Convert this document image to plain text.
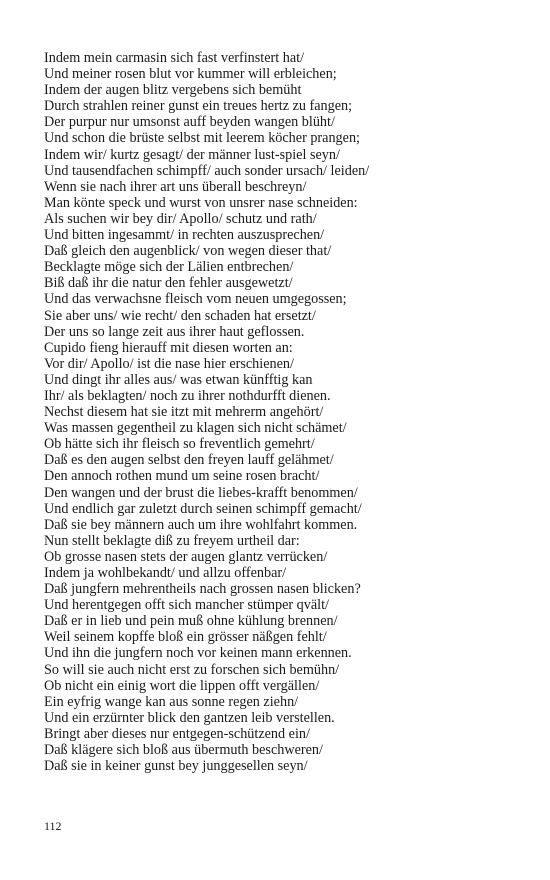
Indem mein carmasin sich fast verfinstert hat/
Und meiner rosen blut vor kummer will erbleichen;
Indem der augen blitz vergebens sich bemüht
Durch strahlen reiner gunst ein treues hertz zu fangen;
Der purpur nur umsonst auff beyden wangen blüht/
Und schon die brüste selbst mit leerem köcher prangen;
Indem wir/ kurtz gesagt/ der männer lust-spiel seyn/
Und tausendfachen schimpff/ auch sonder ursach/ leiden/
Wenn sie nach ihrer art uns überall beschreyn/
Man könte speck und wurst von unsrer nase schneiden:
Als suchen wir bey dir/ Apollo/ schutz und rath/
Und bitten ingesammt/ in rechten auszusprechen/
Daß gleich den augenblick/ von wegen dieser that/
Becklagte möge sich der Lälien entbrechen/
Biß daß ihr die natur den fehler ausgewetzt/
Und das verwachsne fleisch vom neuen umgegossen;
Sie aber uns/ wie recht/ den schaden hat ersetzt/
Der uns so lange zeit aus ihrer haut geflossen.
Cupido fieng hierauff mit diesen worten an:
Vor dir/ Apollo/ ist die nase hier erschienen/
Und dingt ihr alles aus/ was etwan künfftig kan
Ihr/ als beklagten/ noch zu ihrer nothdurfft dienen.
Nechst diesem hat sie itzt mit mehrerm angehört/
Was massen gegentheil zu klagen sich nicht schämet/
Ob hätte sich ihr fleisch so freventlich gemehrt/
Daß es den augen selbst den freyen lauff gelähmet/
Den annoch rothen mund um seine rosen bracht/
Den wangen und der brust die liebes-krafft benommen/
Und endlich gar zuletzt durch seinen schimpff gemacht/
Daß sie bey männern auch um ihre wohlfahrt kommen.
Nun stellt beklagte diß zu freyem urtheil dar:
Ob grosse nasen stets der augen glantz verrücken/
Indem ja wohlbekandt/ und allzu offenbar/
Daß jungfern mehrentheils nach grossen nasen blicken?
Und herentgegen offt sich mancher stümper qvält/
Daß er in lieb und pein muß ohne kühlung brennen/
Weil seinem kopffe bloß ein grösser näßgen fehlt/
Und ihn die jungfern noch vor keinen mann erkennen.
So will sie auch nicht erst zu forschen sich bemühn/
Ob nicht ein einig wort die lippen offt vergällen/
Ein eyfrig wange kan aus sonne regen ziehn/
Und ein erzürnter blick den gantzen leib verstellen.
Bringt aber dieses nur entgegen-schützend ein/
Daß klägere sich bloß aus übermuth beschweren/
Daß sie in keiner gunst bey junggesellen seyn/
112
